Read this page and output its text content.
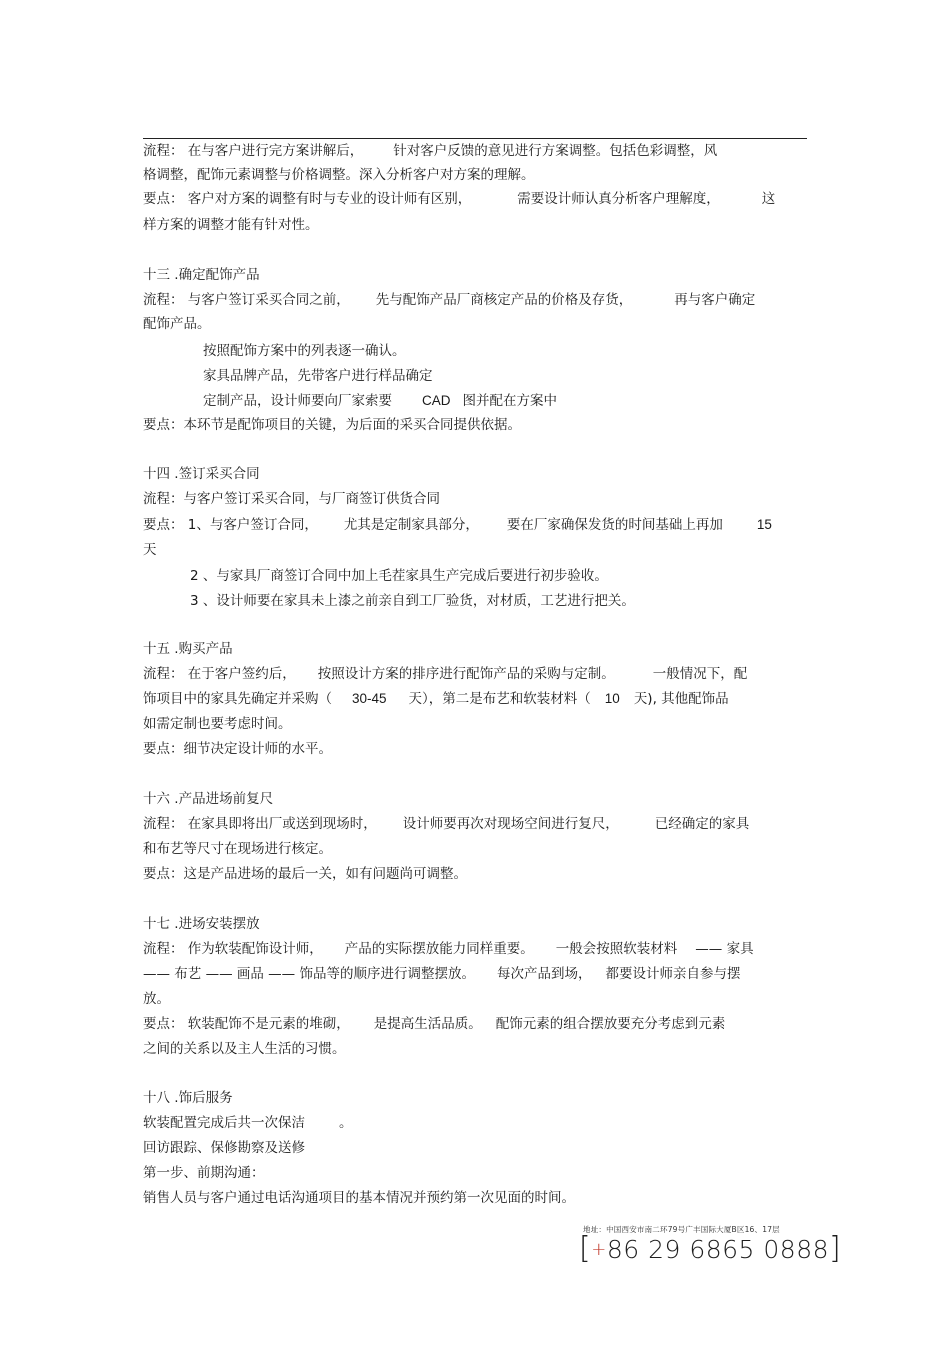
流程： 在与客户进行完方案讲解后， 针对客户反馈的意见进行方案调整。包括色彩调整，风
格调整，配饰元素调整与价格调整。深入分析客户对方案的理解。
要点： 客户对方案的调整有时与专业的设计师有区别，	需要设计师认真分析客户理解度，	这
样方案的调整才能有针对性。
十三 .确定配饰产品
流程： 与客户签订采买合同之前， 先与配饰产品厂商核定产品的价格及存货，	再与客户确定
配饰产品。
按照配饰方案中的列表逐一确认。
家具品牌产品，先带客户进行样品确定
定制产品，设计师要向厂家索要 CAD 图并配在方案中
要点：本环节是配饰项目的关键，为后面的采买合同提供依据。
十四 .签订采买合同
流程：与客户签订采买合同，与厂商签订供货合同
要点： 1、与客户签订合同， 尤其是定制家具部分， 要在厂家确保发货的时间基础上再加	15
天
2 、与家具厂商签订合同中加上毛茬家具生产完成后要进行初步验收。
3 、设计师要在家具未上漆之前亲自到工厂验货，对材质，工艺进行把关。
十五 .购买产品
流程： 在于客户签约后， 按照设计方案的排序进行配饰产品的采购与定制。	一般情况下，配
饰项目中的家具先确定并采购（ 30-45 天），第二是布艺和软装材料（ 10 天), 其他配饰品
如需定制也要考虑时间。
要点：细节决定设计师的水平。
十六 .产品进场前复尺
流程： 在家具即将出厂或送到现场时， 设计师要再次对现场空间进行复尺，	已经确定的家具
和布艺等尺寸在现场进行核定。
要点：这是产品进场的最后一关，如有问题尚可调整。
十七 .进场安装摆放
流程： 作为软装配饰设计师， 产品的实际摆放能力同样重要。 一般会按照软装材料 —— 家具
—— 布艺 —— 画品 —— 饰品等的顺序进行调整摆放。 每次产品到场， 都要设计师亲自参与摆
放。
要点： 软装配饰不是元素的堆砌， 是提高生活品质。 配饰元素的组合摆放要充分考虑到元素
之间的关系以及主人生活的习惯。
十八 .饰后服务
软装配置完成后共一次保洁	。
回访跟踪、保修勘察及送修
第一步、前期沟通：
销售人员与客户通过电话沟通项目的基本情况并预约第一次见面的时间。
地址：中国西安市南二环79号广丰国际大厦B区16、17层
[+86 29 6865 0888]
